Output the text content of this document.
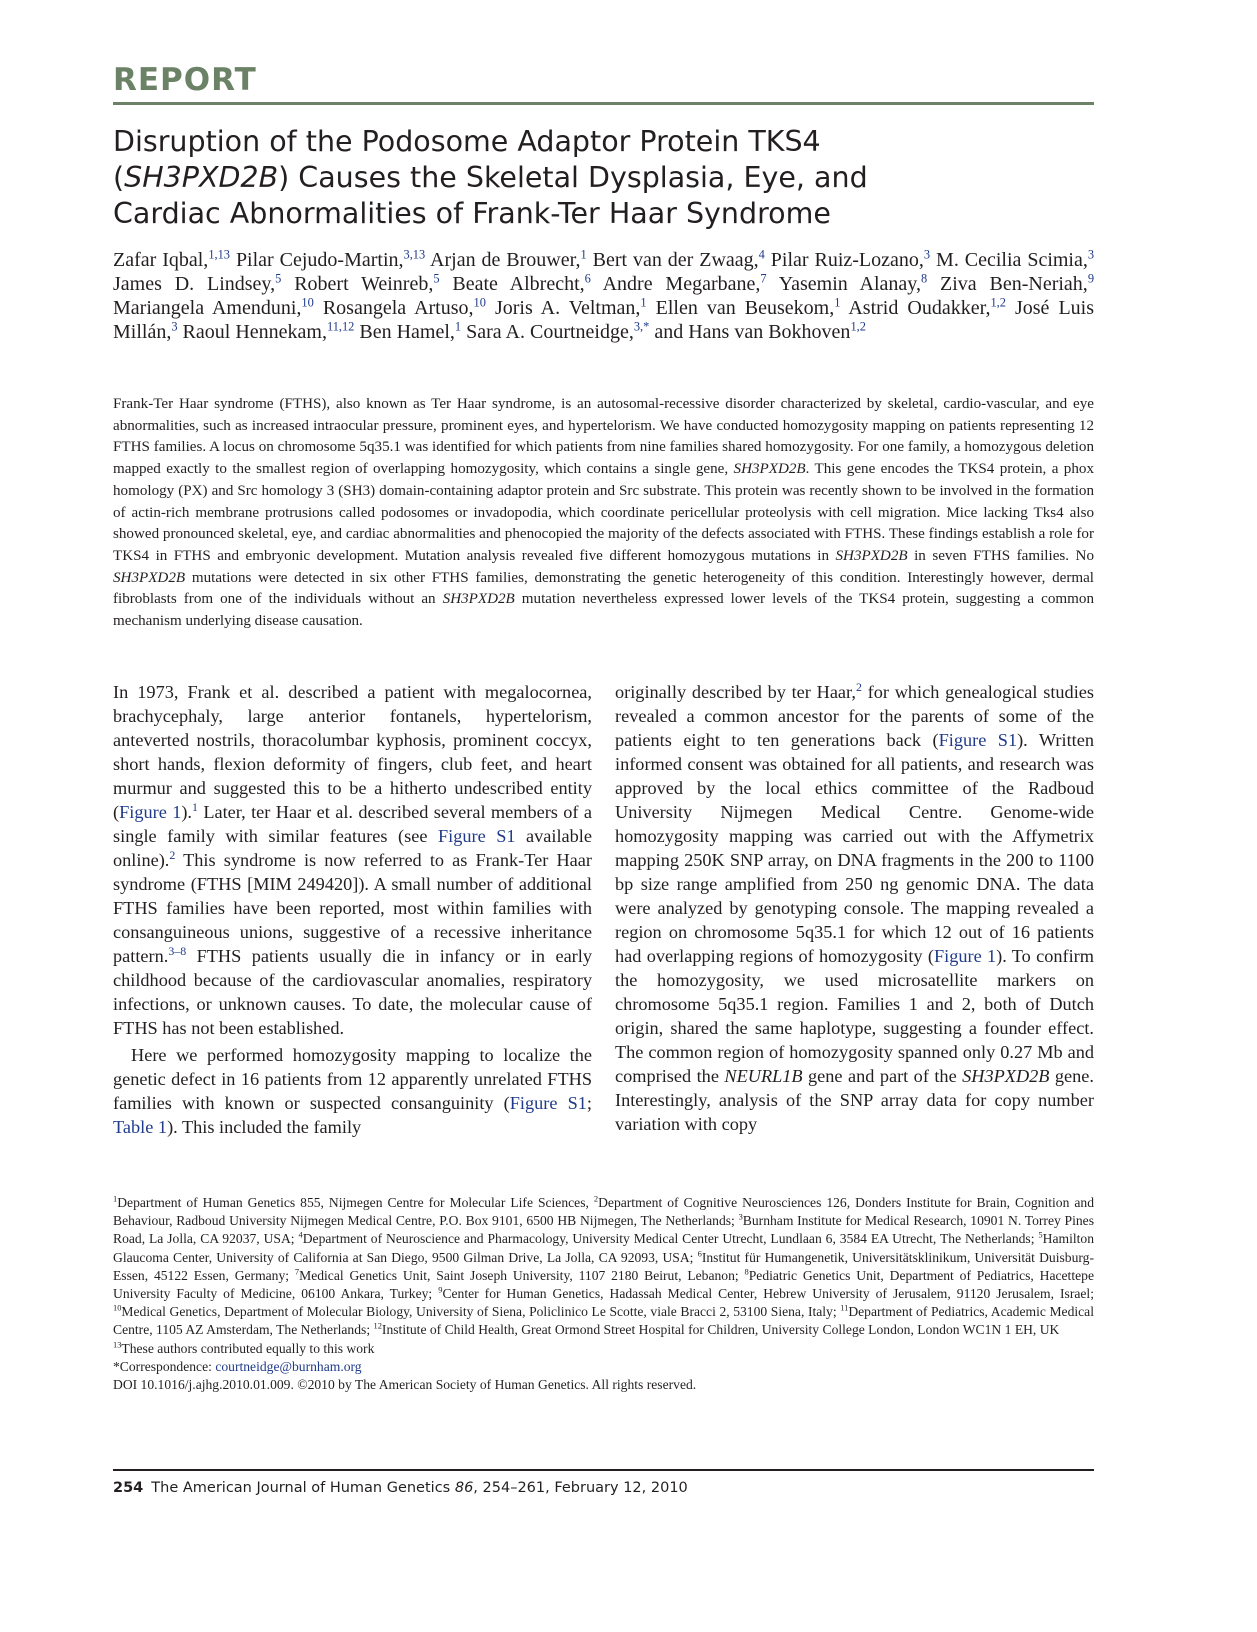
REPORT
Disruption of the Podosome Adaptor Protein TKS4
(SH3PXD2B) Causes the Skeletal Dysplasia, Eye, and
Cardiac Abnormalities of Frank-Ter Haar Syndrome

Zafar Iqbal,$^{1,13}$ Pilar Cejudo-Martin,$^{3,13}$ Arjan de Brouwer,$^1$ Bert van der Zwaag,$^4$ Pilar Ruiz-Lozano,$^3$ M. Cecilia Scimia,$^3$ James D. Lindsey,$^5$ Robert Weinreb,$^5$ Beate Albrecht,$^6$ Andre Megarbane,$^7$ Yasemin Alanay,$^8$ Ziva Ben-Neriah,$^9$ Mariangela Amenduni,$^{10}$ Rosangela Artuso,$^{10}$ Joris A. Veltman,$^1$ Ellen van Beusekom,$^1$ Astrid Oudakker,$^{1,2}$ José Luis Millán,$^3$ Raoul Hennekam,$^{11,12}$ Ben Hamel,$^1$ Sara A. Courtneidge,$^{3,*}$ and Hans van Bokhoven$^{1,2}$

Frank-Ter Haar syndrome (FTHS), also known as Ter Haar syndrome, is an autosomal-recessive disorder characterized by skeletal, cardio-vascular, and eye abnormalities, such as increased intraocular pressure, prominent eyes, and hypertelorism. We have conducted homozygosity mapping on patients representing 12 FTHS families. A locus on chromosome 5q35.1 was identified for which patients from nine families shared homozygosity. For one family, a homozygous deletion mapped exactly to the smallest region of overlapping homozygosity, which contains a single gene, SH3PXD2B. This gene encodes the TKS4 protein, a phox homology (PX) and Src homology 3 (SH3) domain-containing adaptor protein and Src substrate. This protein was recently shown to be involved in the formation of actin-rich membrane protrusions called podosomes or invadopodia, which coordinate pericellular proteolysis with cell migration. Mice lacking Tks4 also showed pronounced skeletal, eye, and cardiac abnormalities and phenocopied the majority of the defects associated with FTHS. These findings establish a role for TKS4 in FTHS and embryonic development. Mutation analysis revealed five different homozygous mutations in SH3PXD2B in seven FTHS families. No SH3PXD2B mutations were detected in six other FTHS families, demonstrating the genetic heterogeneity of this condition. Interestingly however, dermal fibroblasts from one of the individuals without an SH3PXD2B mutation nevertheless expressed lower levels of the TKS4 protein, suggesting a common mechanism underlying disease causation.

In 1973, Frank et al. described a patient with megalocornea, brachycephaly, large anterior fontanels, hypertelorism, anteverted nostrils, thoracolumbar kyphosis, prominent coccyx, short hands, flexion deformity of fingers, club feet, and heart murmur and suggested this to be a hitherto undescribed entity (Figure 1).$^1$ Later, ter Haar et al. described several members of a single family with similar features (see Figure S1 available online).$^2$ This syndrome is now referred to as Frank-Ter Haar syndrome (FTHS [MIM 249420]). A small number of additional FTHS families have been reported, most within families with consanguineous unions, suggestive of a recessive inheritance pattern.$^{3-8}$ FTHS patients usually die in infancy or in early childhood because of the cardiovascular anomalies, respiratory infections, or unknown causes. To date, the molecular cause of FTHS has not been established.

Here we performed homozygosity mapping to localize the genetic defect in 16 patients from 12 apparently unrelated FTHS families with known or suspected consanguinity (Figure S1; Table 1). This included the family

originally described by ter Haar,$^2$ for which genealogical studies revealed a common ancestor for the parents of some of the patients eight to ten generations back (Figure S1). Written informed consent was obtained for all patients, and research was approved by the local ethics committee of the Radboud University Nijmegen Medical Centre. Genome-wide homozygosity mapping was carried out with the Affymetrix mapping 250K SNP array, on DNA fragments in the 200 to 1100 bp size range amplified from 250 ng genomic DNA. The data were analyzed by genotyping console. The mapping revealed a region on chromosome 5q35.1 for which 12 out of 16 patients had overlapping regions of homozygosity (Figure 1). To confirm the homozygosity, we used microsatellite markers on chromosome 5q35.1 region. Families 1 and 2, both of Dutch origin, shared the same haplotype, suggesting a founder effect. The common region of homozygosity spanned only 0.27 Mb and comprised the NEURL1B gene and part of the SH3PXD2B gene. Interestingly, analysis of the SNP array data for copy number variation with copy

$^1$Department of Human Genetics 855, Nijmegen Centre for Molecular Life Sciences, $^2$Department of Cognitive Neurosciences 126, Donders Institute for Brain, Cognition and Behaviour, Radboud University Nijmegen Medical Centre, P.O. Box 9101, 6500 HB Nijmegen, The Netherlands; $^3$Burnham Institute for Medical Research, 10901 N. Torrey Pines Road, La Jolla, CA 92037, USA; $^4$Department of Neuroscience and Pharmacology, University Medical Center Utrecht, Lundlaan 6, 3584 EA Utrecht, The Netherlands; $^5$Hamilton Glaucoma Center, University of California at San Diego, 9500 Gilman Drive, La Jolla, CA 92093, USA; $^6$Institut für Humangenetik, Universitätsklinikum, Universität Duisburg-Essen, 45122 Essen, Germany; $^7$Medical Genetics Unit, Saint Joseph University, 1107 2180 Beirut, Lebanon; $^8$Pediatric Genetics Unit, Department of Pediatrics, Hacettepe University Faculty of Medicine, 06100 Ankara, Turkey; $^9$Center for Human Genetics, Hadassah Medical Center, Hebrew University of Jerusalem, 91120 Jerusalem, Israel; $^{10}$Medical Genetics, Department of Molecular Biology, University of Siena, Policlinico Le Scotte, viale Bracci 2, 53100 Siena, Italy; $^{11}$Department of Pediatrics, Academic Medical Centre, 1105 AZ Amsterdam, The Netherlands; $^{12}$Institute of Child Health, Great Ormond Street Hospital for Children, University College London, London WC1N 1 EH, UK

$^{13}$These authors contributed equally to this work

*Correspondence: courtneidge@burnham.org

DOI 10.1016/j.ajhg.2010.01.009. ©2010 by The American Society of Human Genetics. All rights reserved.

254 The American Journal of Human Genetics 86, 254–261, February 12, 2010
